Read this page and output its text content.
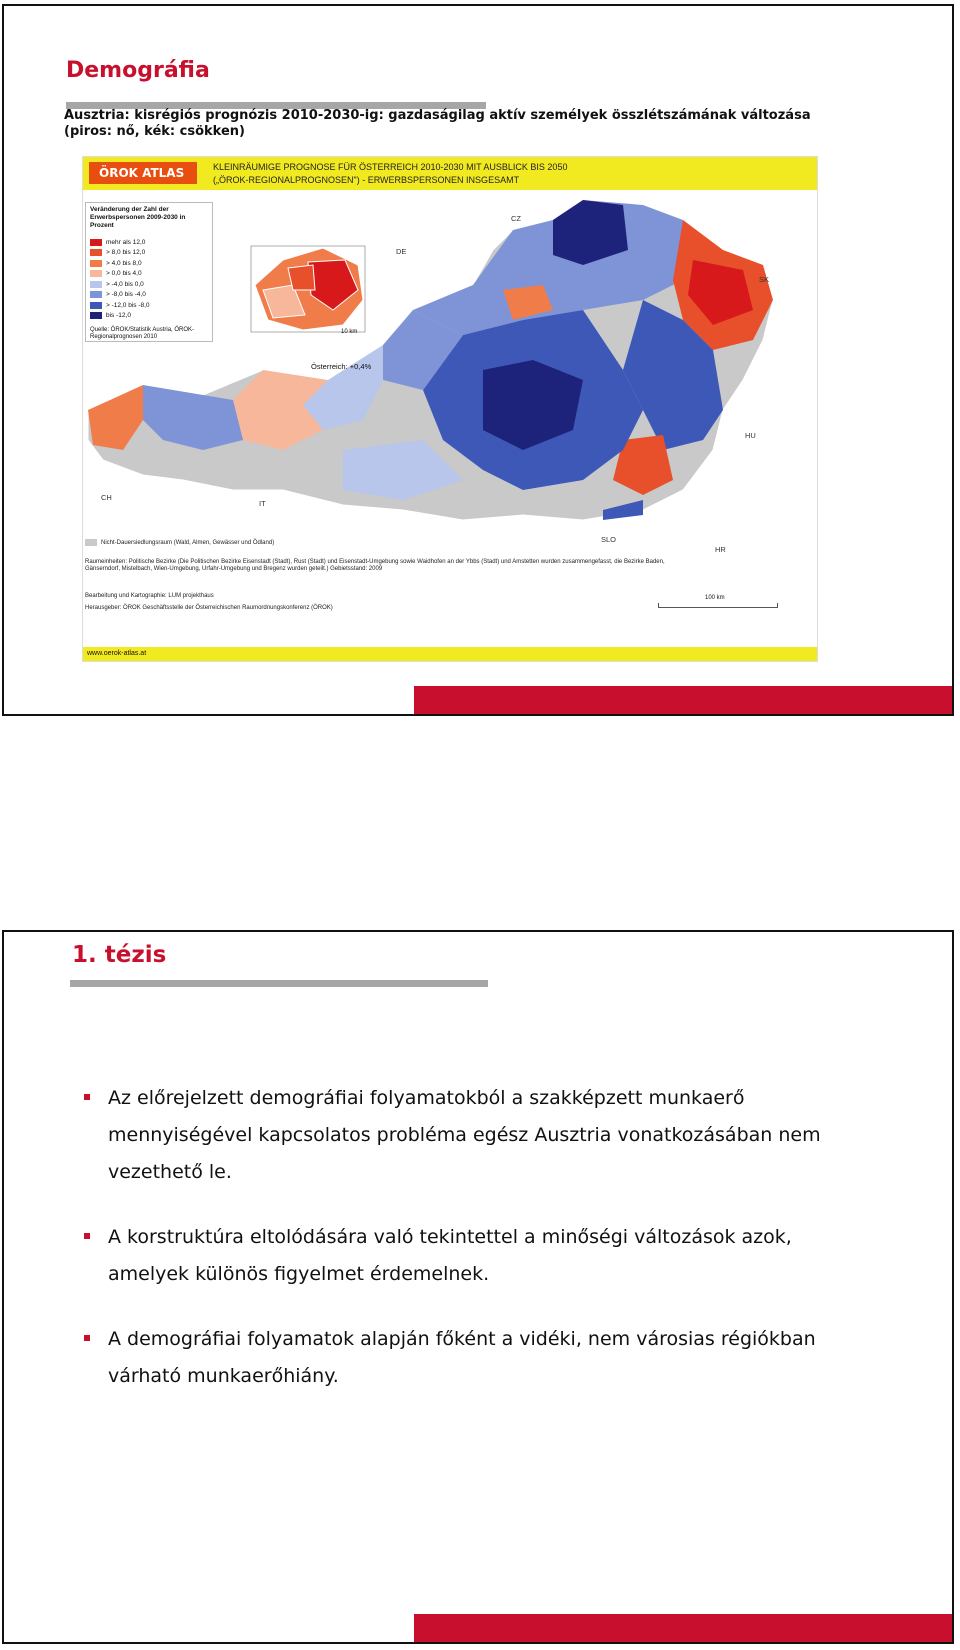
Demográfia
Ausztria: kisrégiós prognózis 2010-2030-ig: gazdaságilag aktív személyek összlétszámának változása (piros: nő, kék: csökken)
ÖROK ATLAS	KLEINRÄUMIGE PROGNOSE FÜR ÖSTERREICH 2010-2030 MIT AUSBLICK BIS 2050
(„ÖROK-REGIONALPROGNOSEN") - ERWERBSPERSONEN INSGESAMT
Veränderung der Zahl der Erwerbspersonen 2009-2030 in Prozent
mehr als 12,0
> 8,0 bis 12,0
> 4,0 bis 8,0
> 0,0 bis 4,0
> -4,0 bis 0,0
> -8,0 bis -4,0
> -12,0 bis -8,0
bis -12,0
Quelle: ÖROK/Statistik Austria, ÖROK-Regionalprognosen 2010
10 km
Österreich: +0,4%
DE
CZ
SK
HU
CH
IT
SLO
HR
Nicht-Dauersiedlungsraum (Wald, Almen, Gewässer und Ödland)
Raumeinheiten: Politische Bezirke (Die Politischen Bezirke Eisenstadt (Stadt), Rust (Stadt) und Eisenstadt-Umgebung sowie Waidhofen an der Ybbs (Stadt) und Amstetten wurden zusammengefasst, die Bezirke Baden, Gänserndorf, Mistelbach, Wien-Umgebung, Urfahr-Umgebung und Bregenz wurden geteilt.) Gebietsstand: 2009
Bearbeitung und Kartographie: LUM projekthaus
Herausgeber: ÖROK Geschäftsstelle der Österreichischen Raumordnungskonferenz (ÖROK)
100 km
www.oerok-atlas.at
1. tézis
Az előrejelzett demográfiai folyamatokból a szakképzett munkaerő mennyiségével kapcsolatos probléma egész Ausztria vonatkozásában nem vezethető le.
A korstruktúra eltolódására való tekintettel a minőségi változások azok, amelyek különös figyelmet érdemelnek.
A demográfiai folyamatok alapján főként a vidéki, nem városias régiókban várható munkaerőhiány.
